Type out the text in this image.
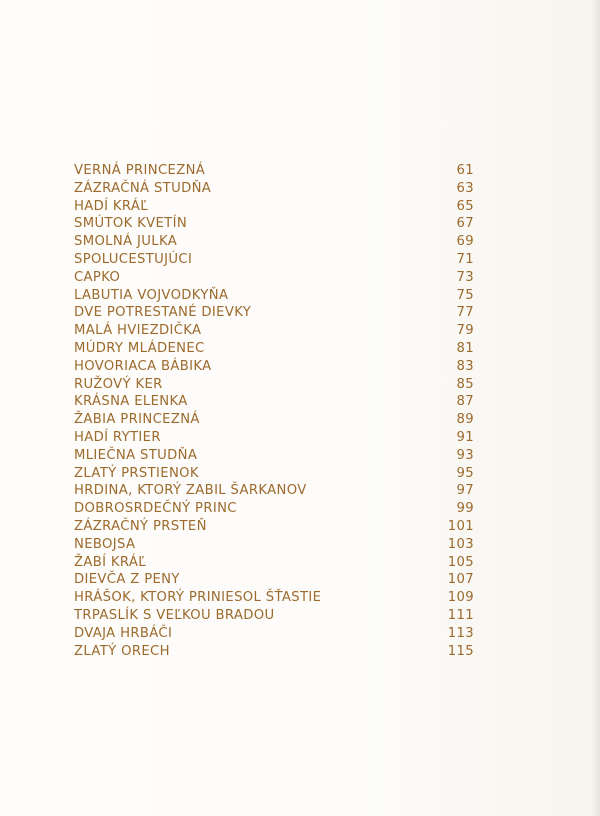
VERNÁ PRINCEZNÁ	61
ZÁZRAČNÁ STUDŇA	63
HADÍ KRÁĽ	65
SMÚTOK KVETÍN	67
SMOLNÁ JULKA	69
SPOLUCESTUJÚCI	71
CAPKO	73
LABUTIA VOJVODKYŇA	75
DVE POTRESTANÉ DIEVKY	77
MALÁ HVIEZDIČKA	79
MÚDRY MLÁDENEC	81
HOVORIACA BÁBIKA	83
RUŽOVÝ KER	85
KRÁSNA ELENKA	87
ŽABIA PRINCEZNÁ	89
HADÍ RYTIER	91
MLIEČNA STUDŇA	93
ZLATÝ PRSTIENOK	95
HRDINA, KTORÝ ZABIL ŠARKANOV	97
DOBROSRDEČNÝ PRINC	99
ZÁZRAČNÝ PRSTEŇ	101
NEBOJSA	103
ŽABÍ KRÁĽ	105
DIEVČA Z PENY	107
HRÁŠOK, KTORÝ PRINIESOL ŠŤASTIE	109
TRPASLÍK S VEĽKOU BRADOU	111
DVAJA HRBÁČI	113
ZLATÝ ORECH	115
